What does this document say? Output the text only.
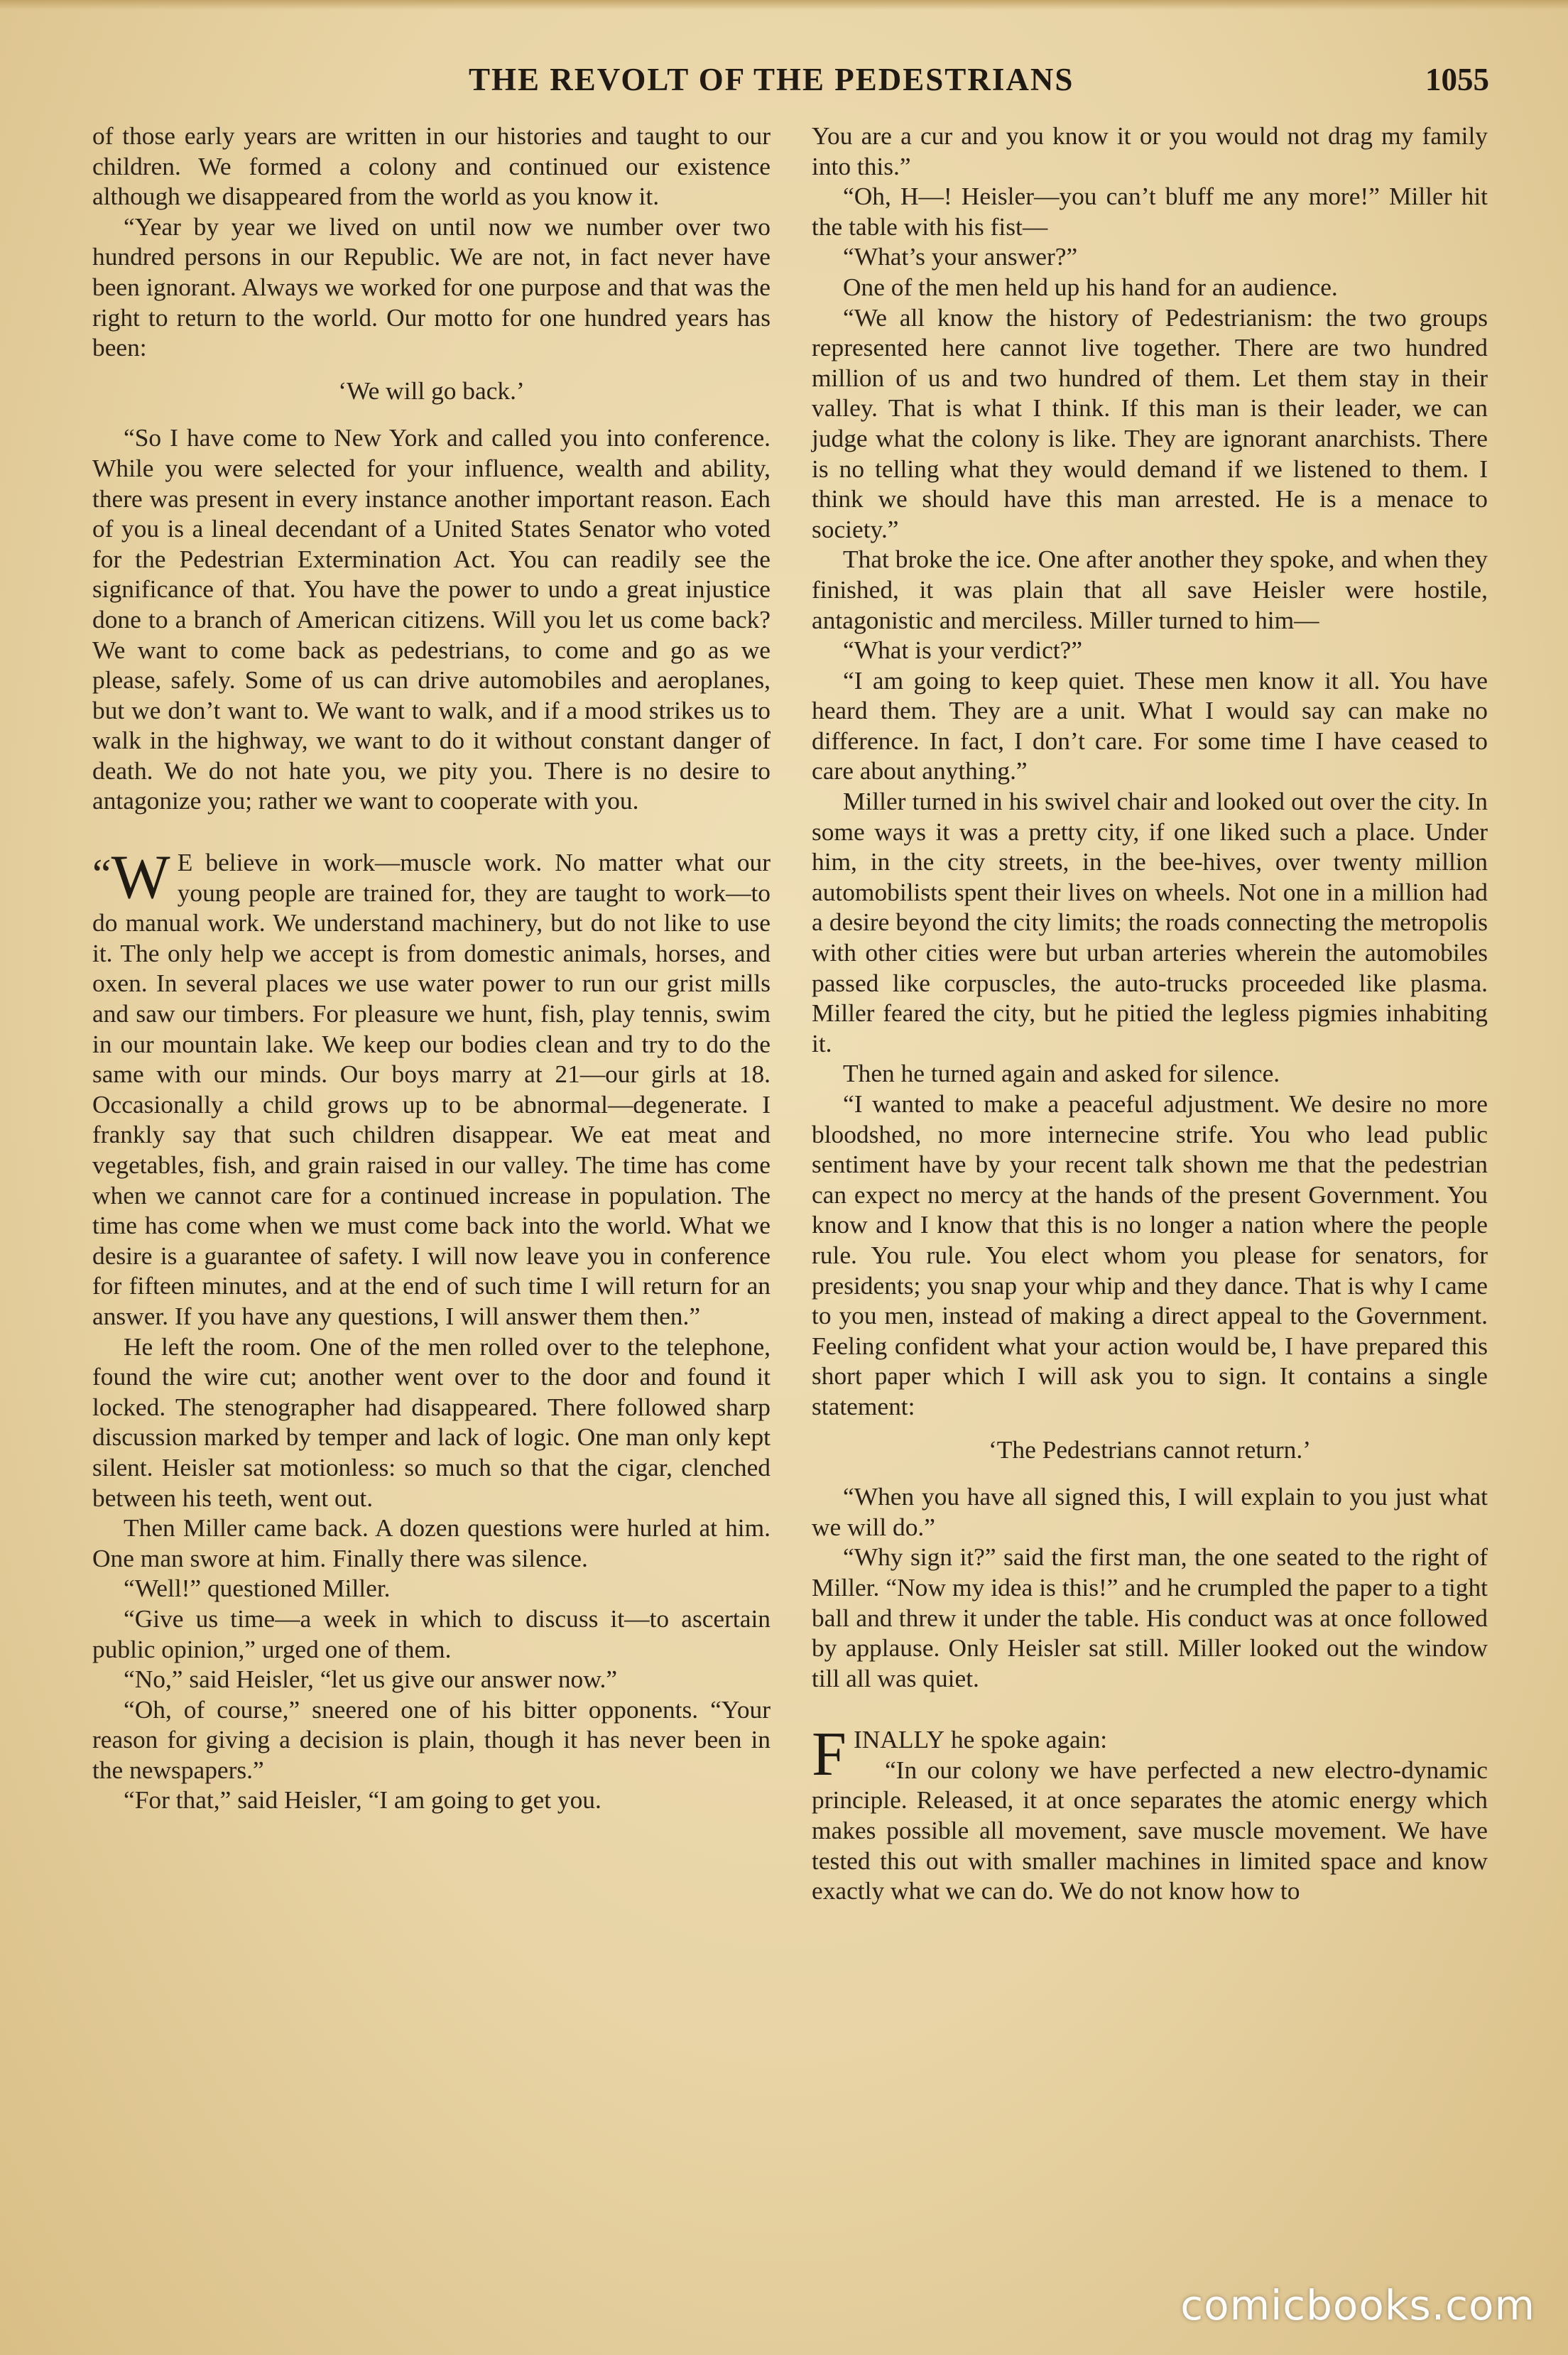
THE REVOLT OF THE PEDESTRIANS	1055

of those early years are written in our histories and taught to our children. We formed a colony and continued our existence although we disappeared from the world as you know it.

“Year by year we lived on until now we number over two hundred persons in our Republic. We are not, in fact never have been ignorant. Always we worked for one purpose and that was the right to return to the world. Our motto for one hundred years has been:

‘We will go back.’

“So I have come to New York and called you into conference. While you were selected for your influence, wealth and ability, there was present in every instance another important reason. Each of you is a lineal decendant of a United States Senator who voted for the Pedestrian Extermination Act. You can readily see the significance of that. You have the power to undo a great injustice done to a branch of American citizens. Will you let us come back? We want to come back as pedestrians, to come and go as we please, safely. Some of us can drive automobiles and aeroplanes, but we don’t want to. We want to walk, and if a mood strikes us to walk in the highway, we want to do it without constant danger of death. We do not hate you, we pity you. There is no desire to antagonize you; rather we want to cooperate with you.

“ W E believe in work—muscle work. No matter what our young people are trained for, they are taught to work—to do manual work. We understand machinery, but do not like to use it. The only help we accept is from domestic animals, horses, and oxen. In several places we use water power to run our grist mills and saw our timbers. For pleasure we hunt, fish, play tennis, swim in our mountain lake. We keep our bodies clean and try to do the same with our minds. Our boys marry at 21—our girls at 18. Occasionally a child grows up to be abnormal—degenerate. I frankly say that such children disappear. We eat meat and vegetables, fish, and grain raised in our valley. The time has come when we cannot care for a continued increase in population. The time has come when we must come back into the world. What we desire is a guarantee of safety. I will now leave you in conference for fifteen minutes, and at the end of such time I will return for an answer. If you have any questions, I will answer them then.”

He left the room. One of the men rolled over to the telephone, found the wire cut; another went over to the door and found it locked. The stenographer had disappeared. There followed sharp discussion marked by temper and lack of logic. One man only kept silent. Heisler sat motionless: so much so that the cigar, clenched between his teeth, went out.

Then Miller came back. A dozen questions were hurled at him. One man swore at him. Finally there was silence.

“Well!” questioned Miller.

“Give us time—a week in which to discuss it—to ascertain public opinion,” urged one of them.

“No,” said Heisler, “let us give our answer now.”

“Oh, of course,” sneered one of his bitter opponents. “Your reason for giving a decision is plain, though it has never been in the newspapers.”

“For that,” said Heisler, “I am going to get you.

You are a cur and you know it or you would not drag my family into this.”

“Oh, H—! Heisler—you can’t bluff me any more!” Miller hit the table with his fist—

“What’s your answer?”

One of the men held up his hand for an audience.

“We all know the history of Pedestrianism: the two groups represented here cannot live together. There are two hundred million of us and two hundred of them. Let them stay in their valley. That is what I think. If this man is their leader, we can judge what the colony is like. They are ignorant anarchists. There is no telling what they would demand if we listened to them. I think we should have this man arrested. He is a menace to society.”

That broke the ice. One after another they spoke, and when they finished, it was plain that all save Heisler were hostile, antagonistic and merciless. Miller turned to him—

“What is your verdict?”

“I am going to keep quiet. These men know it all. You have heard them. They are a unit. What I would say can make no difference. In fact, I don’t care. For some time I have ceased to care about anything.”

Miller turned in his swivel chair and looked out over the city. In some ways it was a pretty city, if one liked such a place. Under him, in the city streets, in the bee-hives, over twenty million automobilists spent their lives on wheels. Not one in a million had a desire beyond the city limits; the roads connecting the metropolis with other cities were but urban arteries wherein the automobiles passed like corpuscles, the auto-trucks proceeded like plasma. Miller feared the city, but he pitied the legless pigmies inhabiting it.

Then he turned again and asked for silence.

“I wanted to make a peaceful adjustment. We desire no more bloodshed, no more internecine strife. You who lead public sentiment have by your recent talk shown me that the pedestrian can expect no mercy at the hands of the present Government. You know and I know that this is no longer a nation where the people rule. You rule. You elect whom you please for senators, for presidents; you snap your whip and they dance. That is why I came to you men, instead of making a direct appeal to the Government. Feeling confident what your action would be, I have prepared this short paper which I will ask you to sign. It contains a single statement:

‘The Pedestrians cannot return.’

“When you have all signed this, I will explain to you just what we will do.”

“Why sign it?” said the first man, the one seated to the right of Miller. “Now my idea is this!” and he crumpled the paper to a tight ball and threw it under the table. His conduct was at once followed by applause. Only Heisler sat still. Miller looked out the window till all was quiet.

FINALLY he spoke again:

“In our colony we have perfected a new electro-dynamic principle. Released, it at once separates the atomic energy which makes possible all movement, save muscle movement. We have tested this out with smaller machines in limited space and know exactly what we can do. We do not know how to

comicbooks.com
